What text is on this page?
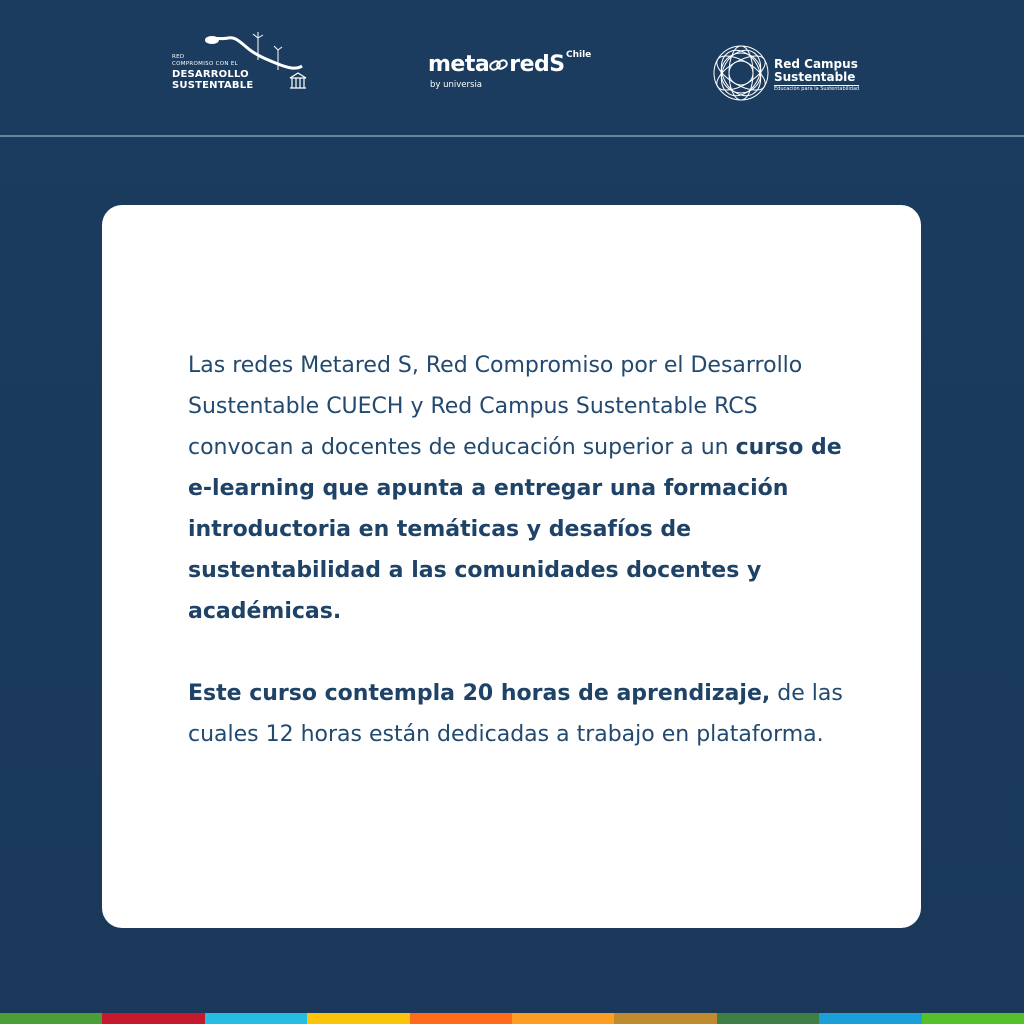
RED
COMPROMISO CON EL
DESARROLLO
SUSTENTABLE
meta redS Chile
by universia
Red Campus
Sustentable
Educación para la Sustentabilidad

Las redes Metared S, Red Compromiso por el Desarrollo Sustentable CUECH y Red Campus Sustentable RCS convocan a docentes de educación superior a un curso de e-learning que apunta a entregar una formación introductoria en temáticas y desafíos de sustentabilidad a las comunidades docentes y académicas.

Este curso contempla 20 horas de aprendizaje, de las cuales 12 horas están dedicadas a trabajo en plataforma.
